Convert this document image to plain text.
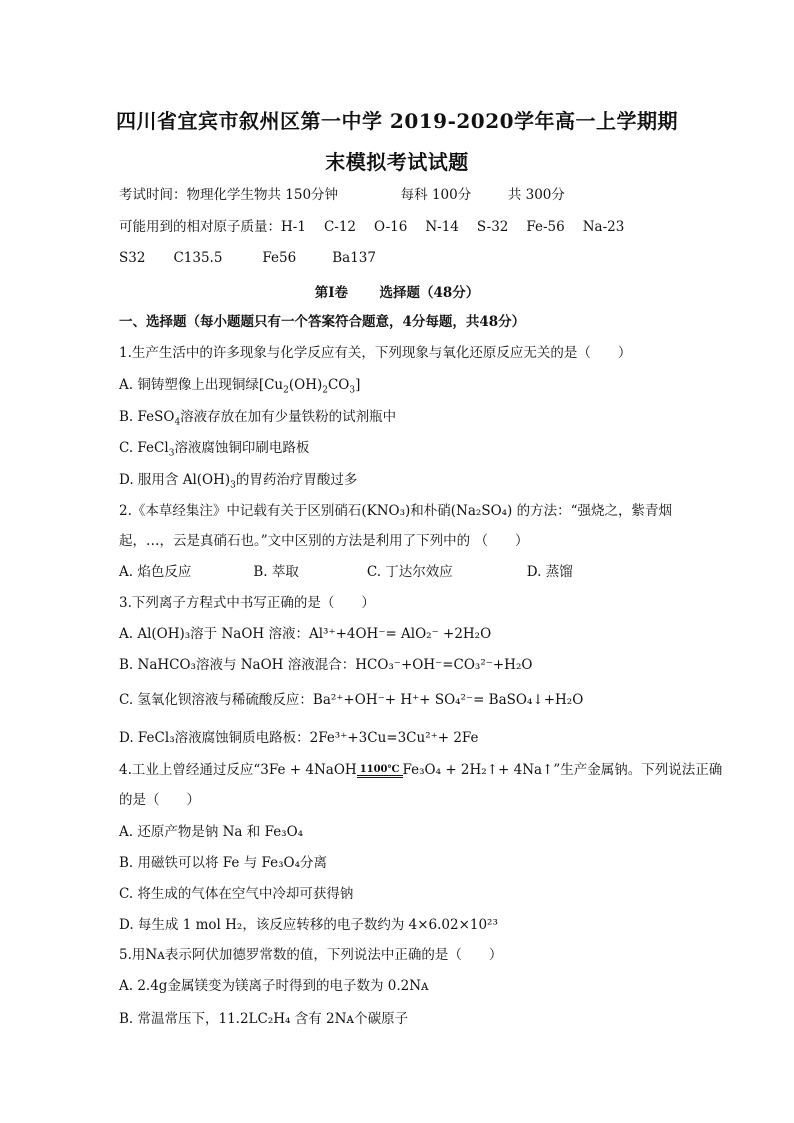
四川省宜宾市叙州区第一中学 2019-2020学年高一上学期期
末模拟考试试题
考试时间：物理化学生物共 150分钟	每科 100分	共 300分
可能用到的相对原子质量：H-1 C-12 O-16 N-14 S-32 Fe-56 Na-23
S32 C135.5	Fe56	Ba137
第Ⅰ卷 选择题（48分）
一、选择题（每小题题只有一个答案符合题意，4分每题，共48分）
1.生产生活中的许多现象与化学反应有关，下列现象与氧化还原反应无关的是（　　）
A. 铜铸塑像上出现铜绿$[Cu_2(OH)_2CO_3]$
B. FeSO$_4$溶液存放在加有少量铁粉的试剂瓶中
C. FeCl$_3$溶液腐蚀铜印刷电路板
D. 服用含 $Al(OH)_3$的胃药治疗胃酸过多
2.《本草经集注》中记载有关于区别硝石(KNO₃)和朴硝(Na₂SO₄) 的方法：“强烧之，紫青烟
起，…，云是真硝石也。”文中区别的方法是利用了下列中的 （　　）
A. 焰色反应	B. 萃取	C. 丁达尔效应	D. 蒸馏
3.下列离子方程式中书写正确的是（　　）
A. Al(OH)₃溶于 NaOH 溶液：Al³⁺+4OH⁻= AlO₂⁻ +2H₂O
B. NaHCO₃溶液与 NaOH 溶液混合：HCO₃⁻+OH⁻=CO₃²⁻+H₂O
C. 氢氧化钡溶液与稀硫酸反应：Ba²⁺+OH⁻+ H⁺+ SO₄²⁻= BaSO₄↓+H₂O
D. FeCl₃溶液腐蚀铜质电路板：2Fe³⁺+3Cu=3Cu²⁺+ 2Fe
4.工业上曾经通过反应“3Fe + 4NaOH 1100℃ Fe₃O₄ + 2H₂↑+ 4Na↑”生产金属钠。下列说法正确
的是（　　）
A. 还原产物是钠 Na 和 Fe₃O₄
B. 用磁铁可以将 Fe 与 Fe₃O₄分离
C. 将生成的气体在空气中冷却可获得钠
D. 每生成 1 mol H₂，该反应转移的电子数约为 4×6.02×10²³
5.用Nᴀ表示阿伏加德罗常数的值，下列说法中正确的是（　　）
A. 2.4g金属镁变为镁离子时得到的电子数为 0.2Nᴀ
B. 常温常压下，11.2LC₂H₄ 含有 2Nᴀ个碳原子
